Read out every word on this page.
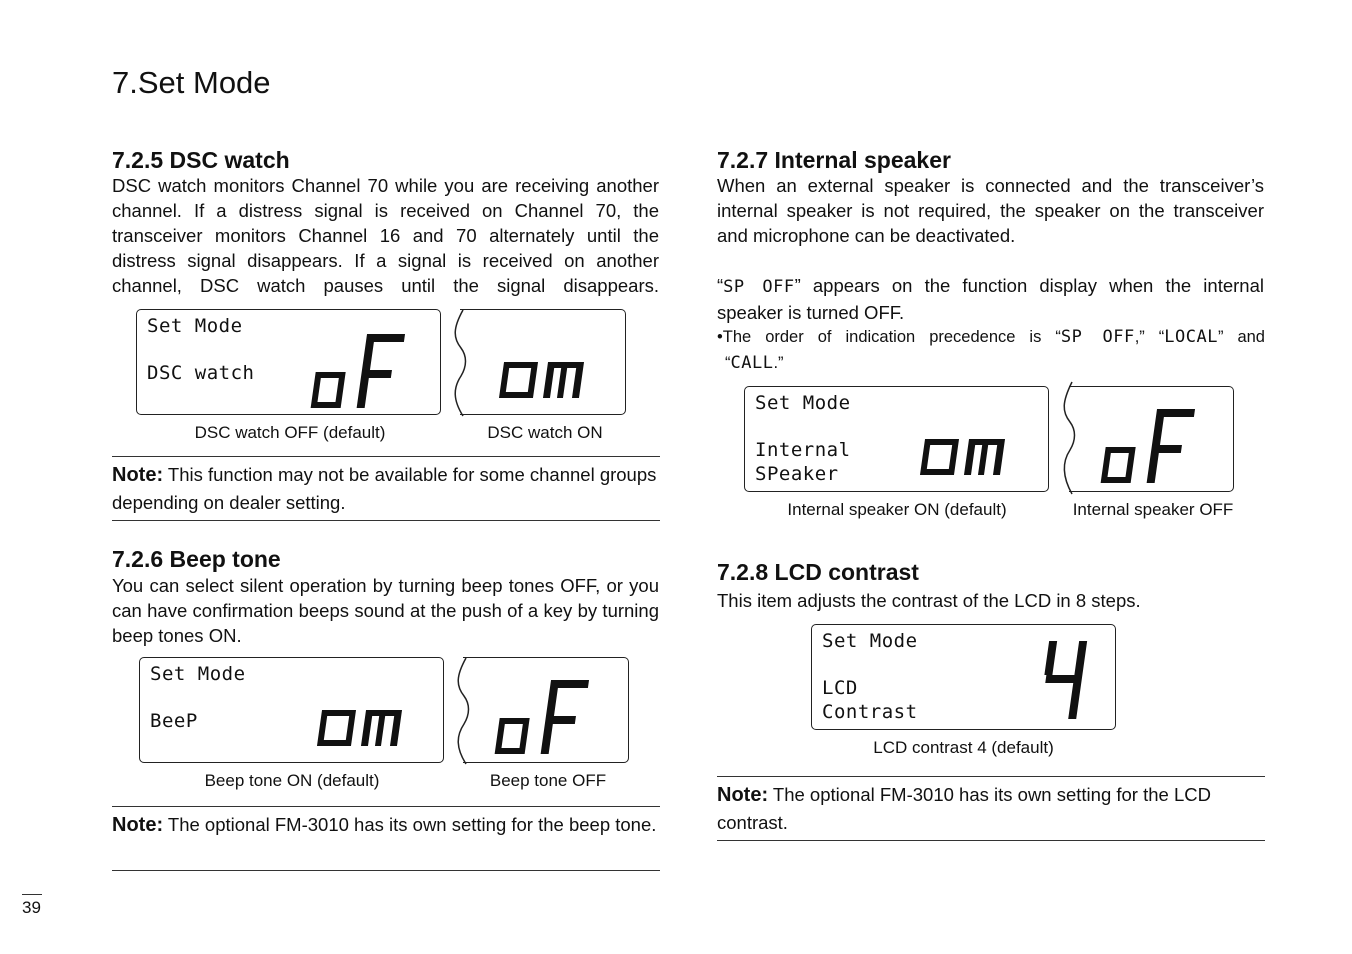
7.Set Mode
7.2.5 DSC watch
DSC watch monitors Channel 70 while you are receiving another channel. If a distress signal is received on Channel 70, the transceiver monitors Channel 16 and 70 alternately until the distress signal disappears. If a signal is received on another channel, DSC watch pauses until the signal disappears.
Set Mode
DSC watch
DSC watch OFF (default)	DSC watch ON
Note: This function may not be available for some channel groups depending on dealer setting.
7.2.6 Beep tone
You can select silent operation by turning beep tones OFF, or you can have confirmation beeps sound at the push of a key by turning beep tones ON.
Set Mode
BeeP
Beep tone ON (default)	Beep tone OFF
Note: The optional FM-3010 has its own setting for the beep tone.
7.2.7 Internal speaker
When an external speaker is connected and the transceiver’s internal speaker is not required, the speaker on the transceiver and microphone can be deactivated.
“SP OFF” appears on the function display when the internal speaker is turned OFF.
•The order of indication precedence is “SP OFF,” “LOCAL” and
“CALL.”
Set Mode
Internal
SPeaker
Internal speaker ON (default)	Internal speaker OFF
7.2.8 LCD contrast
This item adjusts the contrast of the LCD in 8 steps.
Set Mode
LCD
Contrast
LCD contrast 4 (default)
Note: The optional FM-3010 has its own setting for the LCD contrast.
39
